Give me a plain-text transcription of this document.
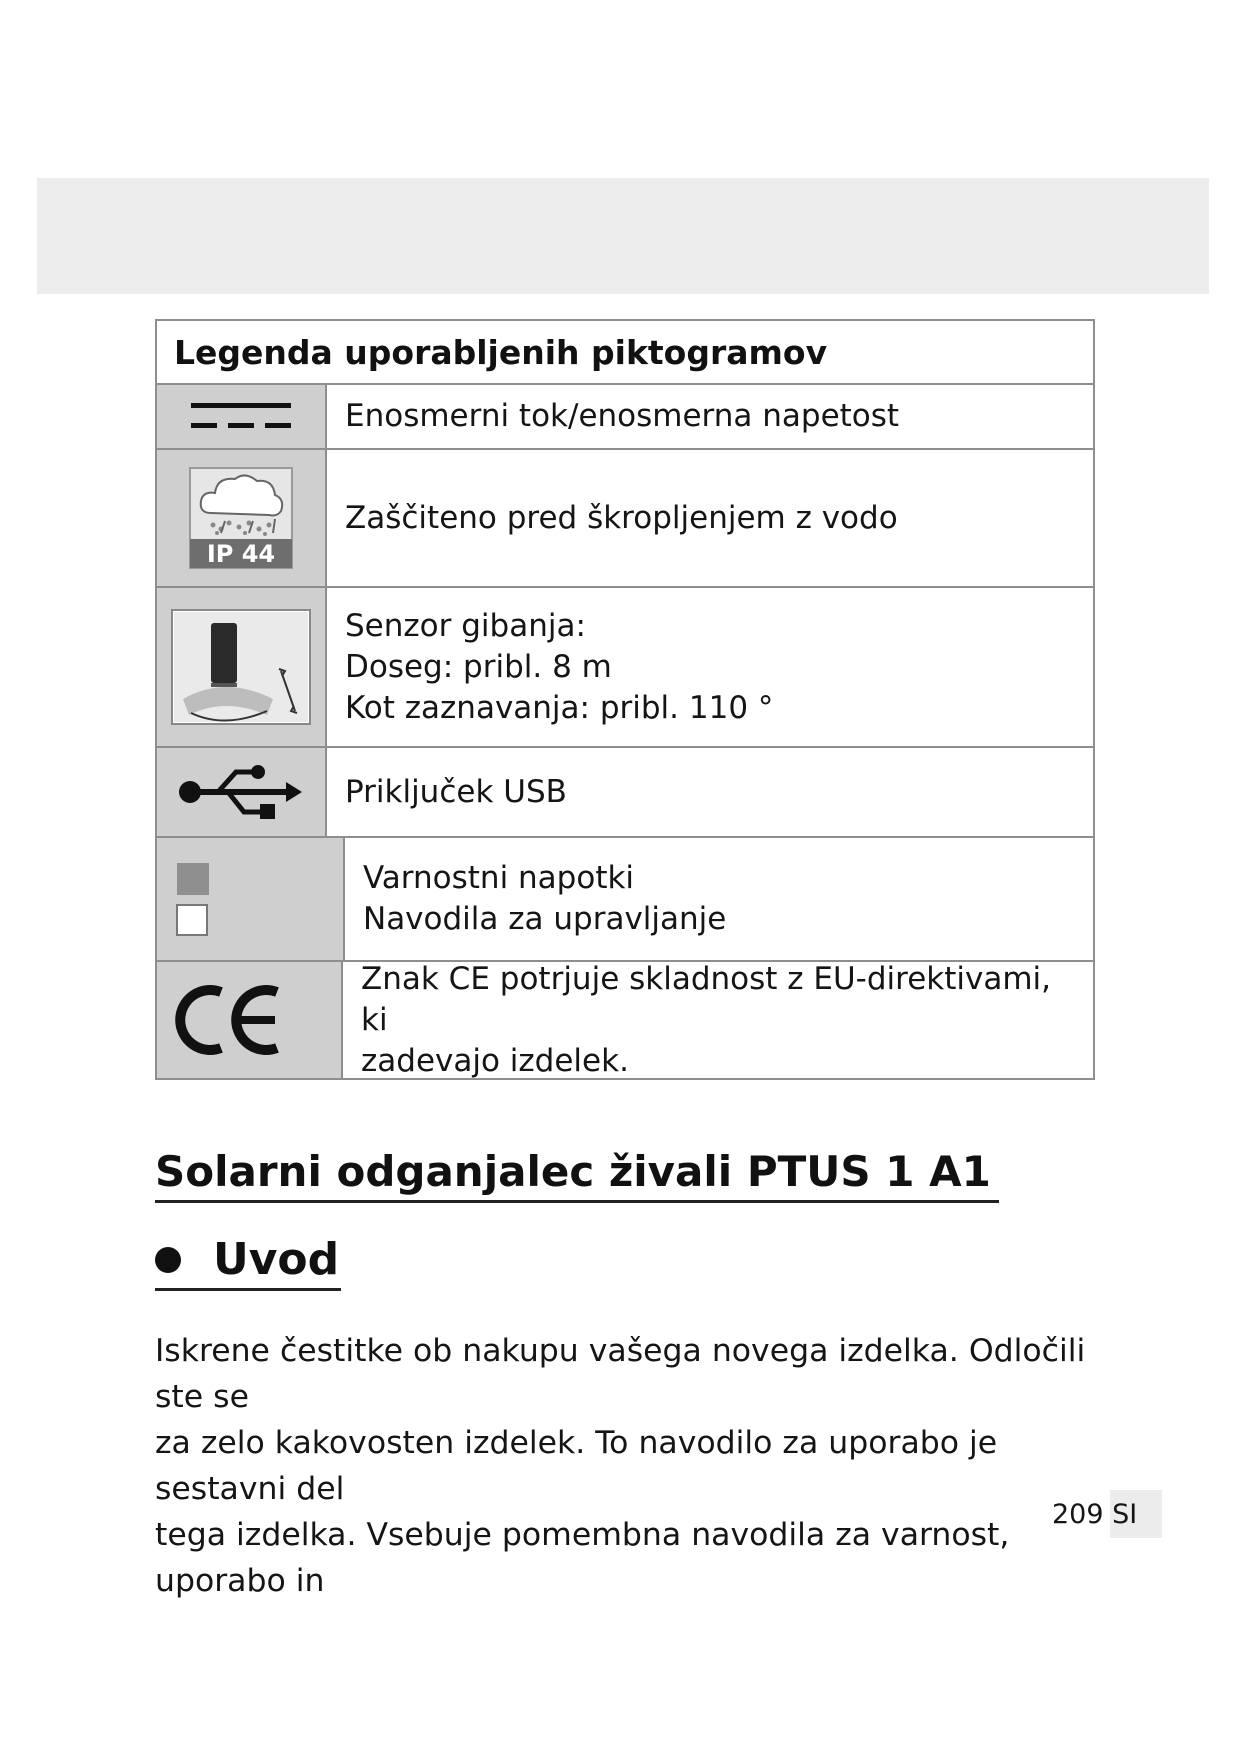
Legenda uporabljenih piktogramov
Enosmerni tok/enosmerna napetost
IP 44
Zaščiteno pred škropljenjem z vodo
Senzor gibanja:
Doseg: pribl. 8 m
Kot zaznavanja: pribl. 110 °
Priključek USB
Varnostni napotki
Navodila za upravljanje
Znak CE potrjuje skladnost z EU-direktivami, ki
zadevajo izdelek.
Solarni odganjalec živali PTUS 1 A1
Uvod

Iskrene čestitke ob nakupu vašega novega izdelka. Odločili ste se
za zelo kakovosten izdelek. To navodilo za uporabo je sestavni del
tega izdelka. Vsebuje pomembna navodila za varnost, uporabo in

209 SI
